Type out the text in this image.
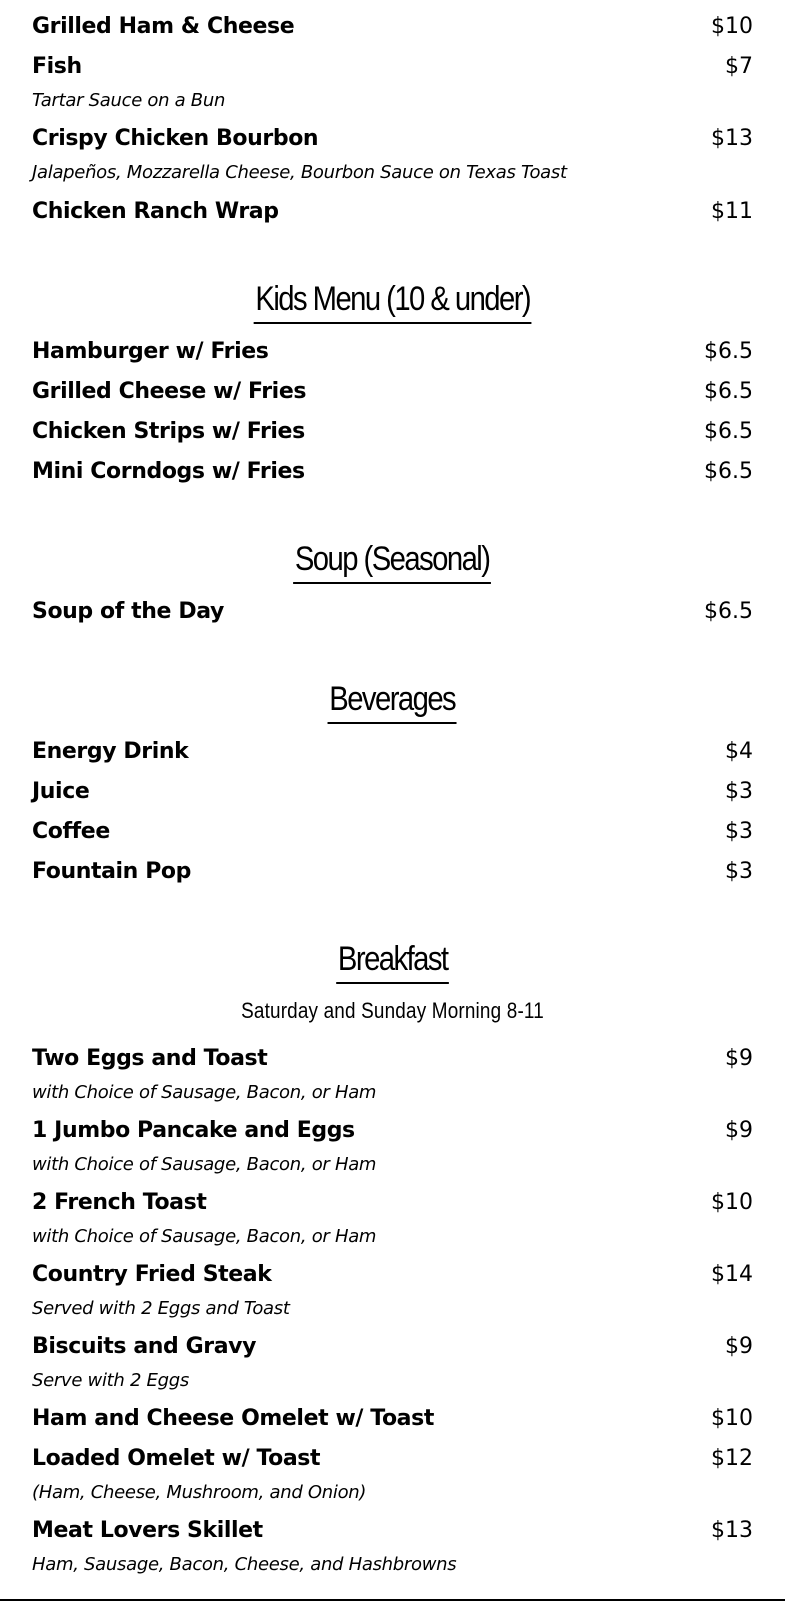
Grilled Ham & Cheese	$10
Fish	$7
Tartar Sauce on a Bun
Crispy Chicken Bourbon	$13
Jalapeños, Mozzarella Cheese, Bourbon Sauce on Texas Toast
Chicken Ranch Wrap	$11
Kids Menu (10 & under)
Hamburger w/ Fries	$6.5
Grilled Cheese w/ Fries	$6.5
Chicken Strips w/ Fries	$6.5
Mini Corndogs w/ Fries	$6.5
Soup (Seasonal)
Soup of the Day	$6.5
Beverages
Energy Drink	$4
Juice	$3
Coffee	$3
Fountain Pop	$3
Breakfast
Saturday and Sunday Morning 8-11
Two Eggs and Toast	$9
with Choice of Sausage, Bacon, or Ham
1 Jumbo Pancake and Eggs	$9
with Choice of Sausage, Bacon, or Ham
2 French Toast	$10
with Choice of Sausage, Bacon, or Ham
Country Fried Steak	$14
Served with 2 Eggs and Toast
Biscuits and Gravy	$9
Serve with 2 Eggs
Ham and Cheese Omelet w/ Toast	$10
Loaded Omelet w/ Toast	$12
(Ham, Cheese, Mushroom, and Onion)
Meat Lovers Skillet	$13
Ham, Sausage, Bacon, Cheese, and Hashbrowns
